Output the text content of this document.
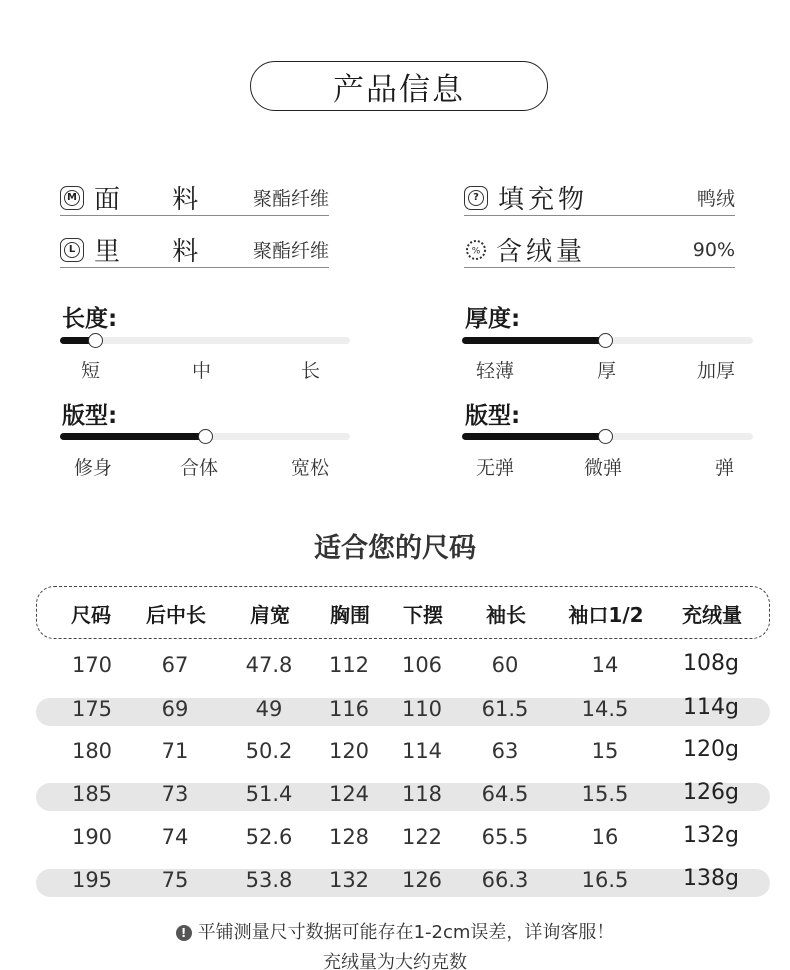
产品信息
M 面 料	聚酯纤维
L 里 料	聚酯纤维
? 填充物	鸭绒
% 含绒量	90%
长度:
短	中	长
厚度:
轻薄	厚	加厚
版型:
修身	合体	宽松
版型:
无弹	微弹	弹
适合您的尺码
尺码 后中长 肩宽 胸围 下摆 袖长 袖口1/2 充绒量
170 67	47.8 112 106 60	14	108g
175 69	49 116 110 61.5	14.5 114g
180 71	50.2 120 114 63	15	120g
185 73	51.4 124 118 64.5	15.5 126g
190 74	52.6 128 122 65.5	16	132g
195 75	53.8 132 126 66.3	16.5 138g
! 平铺测量尺寸数据可能存在1-2cm误差，详询客服！
充绒量为大约克数
